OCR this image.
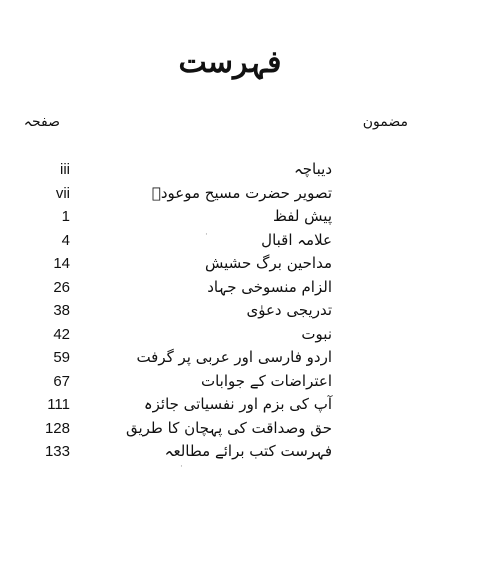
فہرست
مضمون
صفحہ
iii	دیباچہ
vii	تصویر حضرت مسیح موعودؑ
1	پیش لفظ
4	علامہ اقبال
14	مداحین برگ حشیش
26	الزام منسوخی جہاد
38	تدریجی دعوٰی
42	نبوت
59	اردو فارسی اور عربی پر گرفت
67	اعتراضات کے جوابات
111	آپ کی بزم اور نفسیاتی جائزہ
128	حق وصداقت کی پہچان کا طریق
133	فہرست کتب برائے مطالعہ
·
·
